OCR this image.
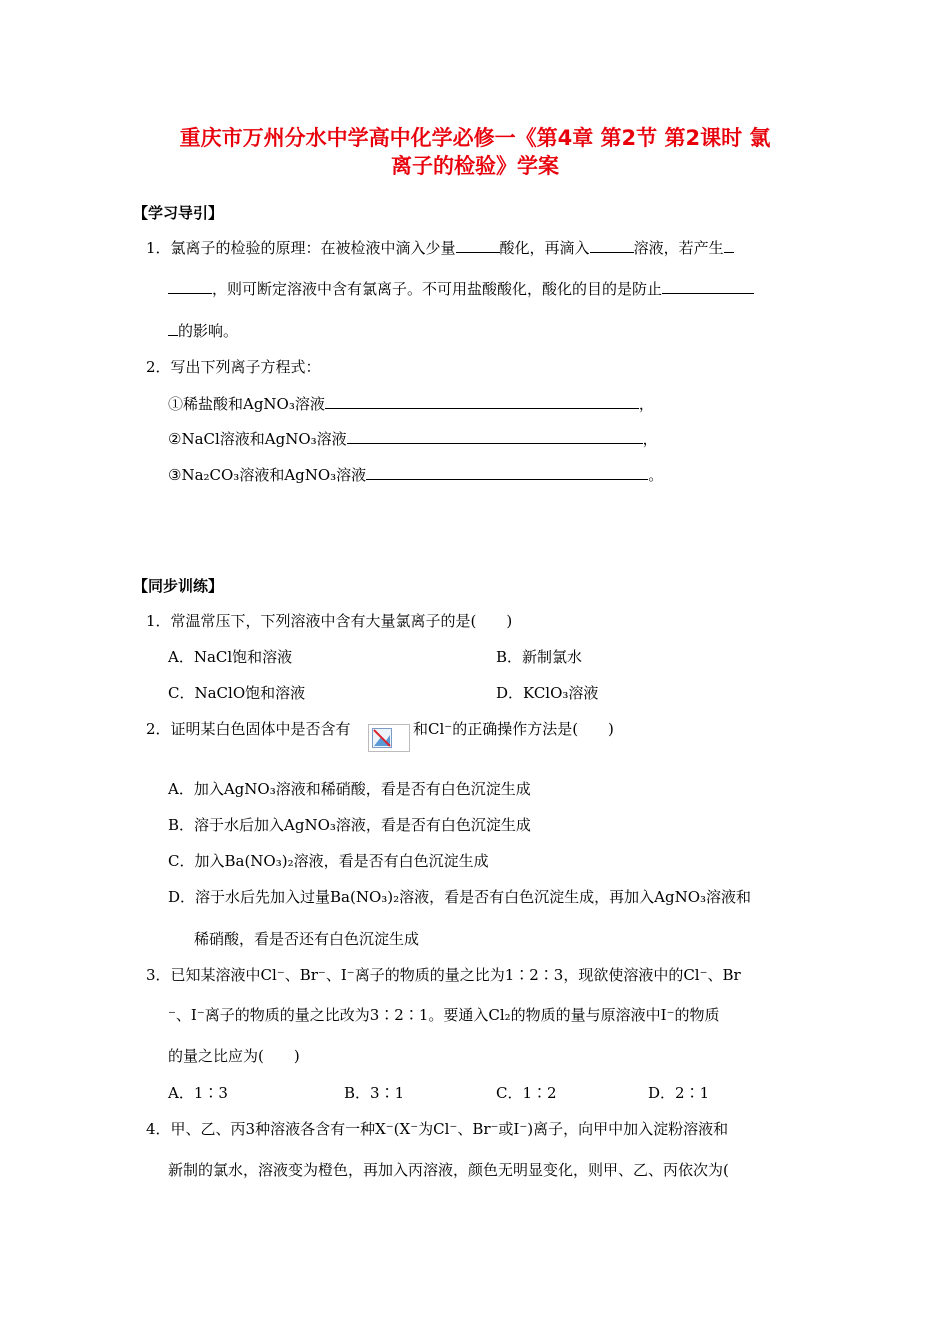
重庆市万州分水中学高中化学必修一《第4章 第2节 第2课时 氯
离子的检验》学案
【学习导引】
1．氯离子的检验的原理：在被检液中滴入少量	酸化，再滴入	溶液，若产生
，则可断定溶液中含有氯离子。不可用盐酸酸化，酸化的目的是防止
的影响。
2．写出下列离子方程式：
①稀盐酸和AgNO₃溶液	，
②NaCl溶液和AgNO₃溶液	，
③Na₂CO₃溶液和AgNO₃溶液	。
【同步训练】
1．常温常压下，下列溶液中含有大量氯离子的是(　　)
A．NaCl饱和溶液	B．新制氯水
C．NaClO饱和溶液	D．KClO₃溶液
2．证明某白色固体中是否含有	和Cl⁻的正确操作方法是(　　)
A．加入AgNO₃溶液和稀硝酸，看是否有白色沉淀生成
B．溶于水后加入AgNO₃溶液，看是否有白色沉淀生成
C．加入Ba(NO₃)₂溶液，看是否有白色沉淀生成
D．溶于水后先加入过量Ba(NO₃)₂溶液，看是否有白色沉淀生成，再加入AgNO₃溶液和
稀硝酸，看是否还有白色沉淀生成
3．已知某溶液中Cl⁻、Br⁻、I⁻离子的物质的量之比为1∶2∶3，现欲使溶液中的Cl⁻、Br
⁻、I⁻离子的物质的量之比改为3∶2∶1。要通入Cl₂的物质的量与原溶液中I⁻的物质
的量之比应为(　　)
A．1∶3	B．3∶1	C．1∶2	D．2∶1
4．甲、乙、丙3种溶液各含有一种X⁻(X⁻为Cl⁻、Br⁻或I⁻)离子，向甲中加入淀粉溶液和
新制的氯水，溶液变为橙色，再加入丙溶液，颜色无明显变化，则甲、乙、丙依次为(
